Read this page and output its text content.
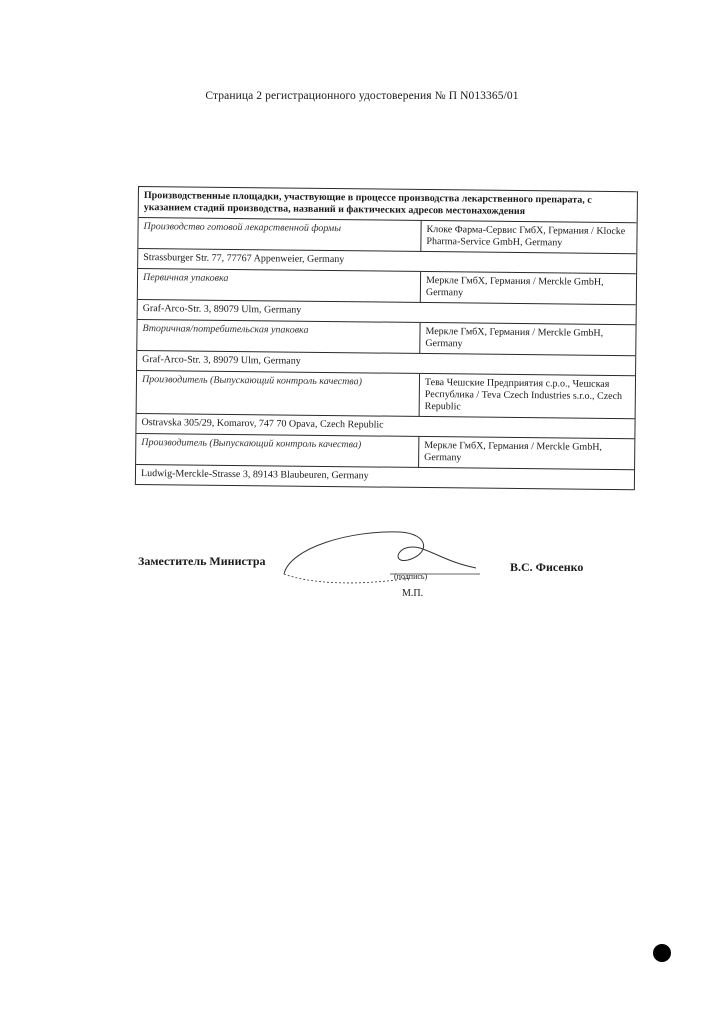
Страница 2 регистрационного удостоверения № П N013365/01
Производственные площадки, участвующие в процессе производства лекарственного препарата, с указанием стадий производства, названий и фактических адресов местонахождения
Производство готовой лекарственной формы	Клоке Фарма-Сервис ГмбХ, Германия / Klocke Pharma-Service GmbH, Germany
Strassburger Str. 77, 77767 Appenweier, Germany
Первичная упаковка	Меркле ГмбХ, Германия / Merckle GmbH, Germany
Graf-Arco-Str. 3, 89079 Ulm, Germany
Вторичная/потребительская упаковка	Меркле ГмбХ, Германия / Merckle GmbH, Germany
Graf-Arco-Str. 3, 89079 Ulm, Germany
Производитель (Выпускающий контроль качества)	Тева Чешские Предприятия с.р.о., Чешская Республика / Teva Czech Industries s.r.o., Czech Republic
Ostravska 305/29, Komarov, 747 70 Opava, Czech Republic
Производитель (Выпускающий контроль качества)	Меркле ГмбХ, Германия / Merckle GmbH, Germany
Ludwig-Merckle-Strasse 3, 89143 Blaubeuren, Germany
Заместитель Министра
(подпись)
В.С. Фисенко
М.П.
